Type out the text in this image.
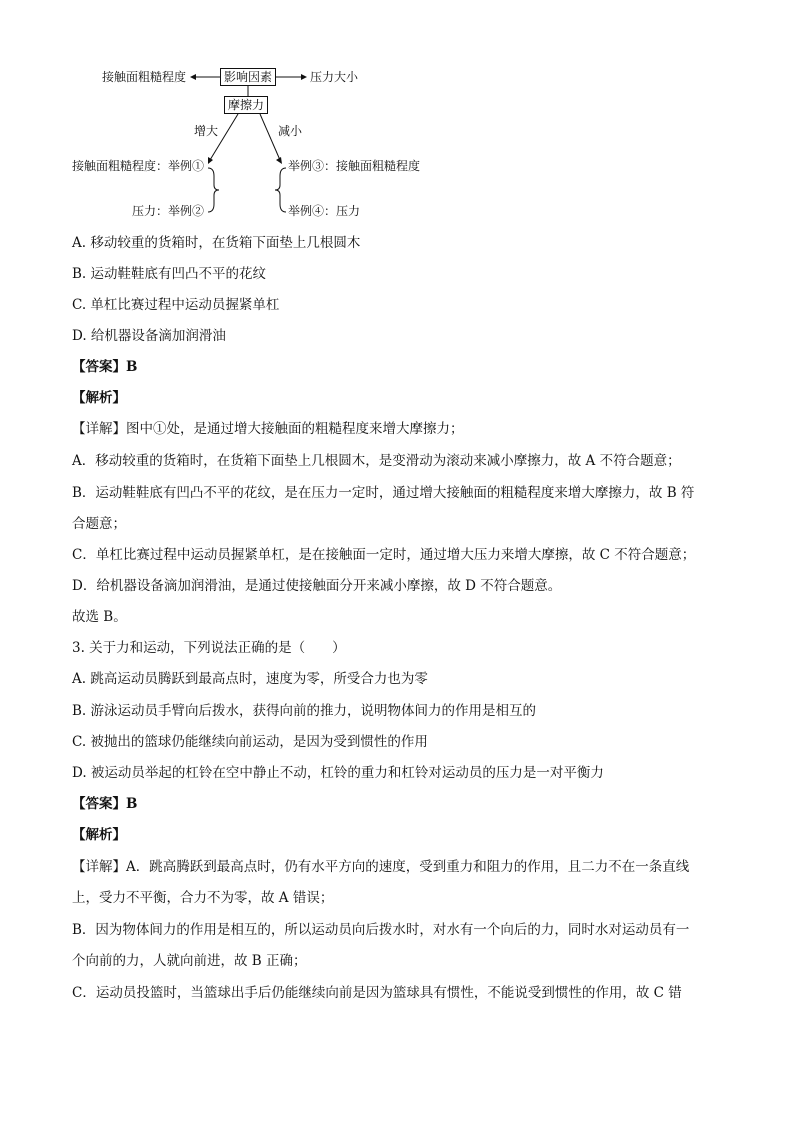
接触面粗糙程度	影响因素	压力大小
摩擦力
增大	减小
接触面粗糙程度：举例①
压力：举例②
举例③：接触面粗糙程度
举例④：压力
A. 移动较重的货箱时，在货箱下面垫上几根圆木
B. 运动鞋鞋底有凹凸不平的花纹
C. 单杠比赛过程中运动员握紧单杠
D. 给机器设备滴加润滑油
【答案】B
【解析】
【详解】图中①处，是通过增大接触面的粗糙程度来增大摩擦力；
A．移动较重的货箱时，在货箱下面垫上几根圆木，是变滑动为滚动来减小摩擦力，故 A 不符合题意；
B．运动鞋鞋底有凹凸不平的花纹，是在压力一定时，通过增大接触面的粗糙程度来增大摩擦力，故 B 符
合题意；
C．单杠比赛过程中运动员握紧单杠，是在接触面一定时，通过增大压力来增大摩擦，故 C 不符合题意；
D．给机器设备滴加润滑油，是通过使接触面分开来减小摩擦，故 D 不符合题意。
故选 B。
3. 关于力和运动，下列说法正确的是（　　）
A. 跳高运动员腾跃到最高点时，速度为零，所受合力也为零
B. 游泳运动员手臂向后拨水，获得向前的推力，说明物体间力的作用是相互的
C. 被抛出的篮球仍能继续向前运动，是因为受到惯性的作用
D. 被运动员举起的杠铃在空中静止不动，杠铃的重力和杠铃对运动员的压力是一对平衡力
【答案】B
【解析】
【详解】A．跳高腾跃到最高点时，仍有水平方向的速度，受到重力和阻力的作用，且二力不在一条直线
上，受力不平衡，合力不为零，故 A 错误；
B．因为物体间力的作用是相互的，所以运动员向后拨水时，对水有一个向后的力，同时水对运动员有一
个向前的力，人就向前进，故 B 正确；
C．运动员投篮时，当篮球出手后仍能继续向前是因为篮球具有惯性，不能说受到惯性的作用，故 C 错
